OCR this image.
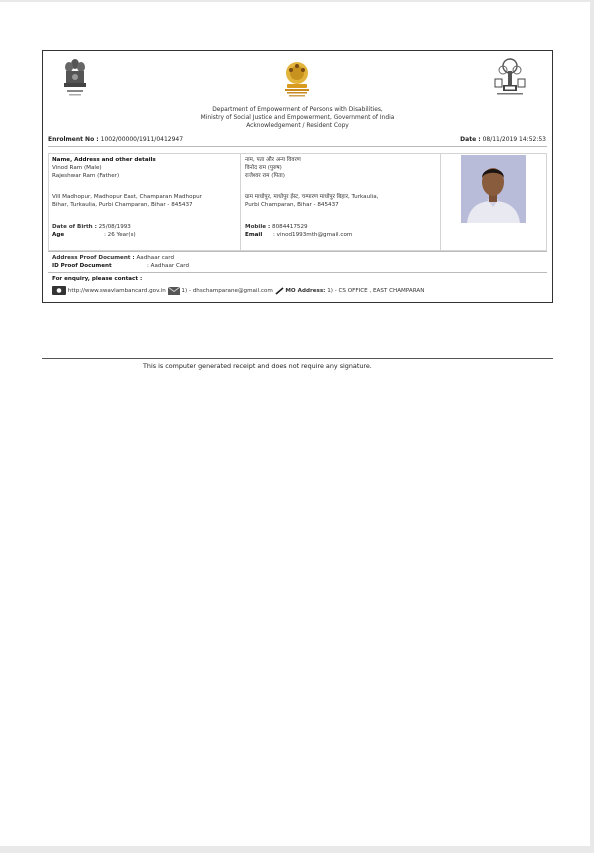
Department of Empowerment of Persons with Disabilities,
Ministry of Social Justice and Empowerment, Government of India
Acknowledgement / Resident Copy
Enrolment No : 1002/00000/1911/0412947	Date : 08/11/2019 14:52:53
Name, Address and other details
Vinod Ram (Male)
Rajeshwar Ram (Father)
Vill Madhopur, Madhopur East, Champaran Madhopur
Bihar, Turkaulia, Purbi Champaran, Bihar - 845437
Date of Birth : 25/08/1993
Age	: 26 Year(s)
नाम, पता और अन्य विवरण
विनोद राम (पुरुष)
राजेश्वर राम (पिता)
ग्राम माधोपुर, माधोपुर ईस्ट, चम्पारण माधोपुर बिहार, Turkaulia,
Purbi Champaran, Bihar - 845437
Mobile : 8084417529
Email : vinod1993mth@gmail.com
Address Proof Document : Aadhaar card
ID Proof Document	: Aadhaar Card
For enquiry, please contact :
http://www.swavlambancard.gov.in	1) - dhschamparane@gmail.com MO Address: 1) - CS OFFICE , EAST CHAMPARAN
This is computer generated receipt and does not require any signature.
